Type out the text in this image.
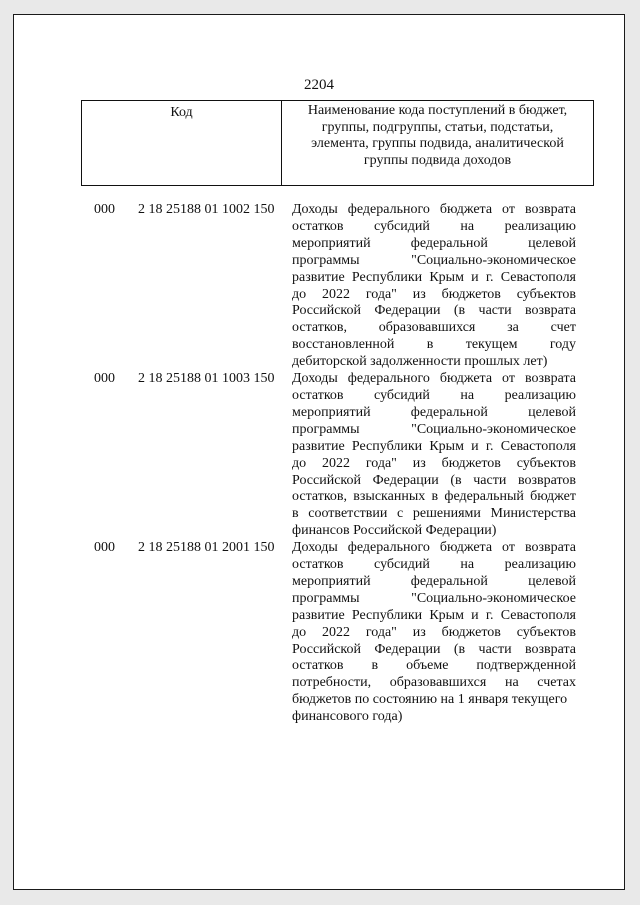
2204
Код	Наименование кода поступлений в бюджет,
группы, подгруппы, статьи, подстатьи,
элемента, группы подвида, аналитической
группы подвида доходов
000 2 18 25188 01 1002 150 Доходы федерального бюджета от возврата
остатков субсидий на реализацию
мероприятий федеральной целевой
программы "Социально-экономическое
развитие Республики Крым и г. Севастополя
до 2022 года" из бюджетов субъектов
Российской Федерации (в части возврата
остатков, образовавшихся за счет
восстановленной в текущем году
дебиторской задолженности прошлых лет)
000 2 18 25188 01 1003 150 Доходы федерального бюджета от возврата
остатков субсидий на реализацию
мероприятий федеральной целевой
программы "Социально-экономическое
развитие Республики Крым и г. Севастополя
до 2022 года" из бюджетов субъектов
Российской Федерации (в части возвратов
остатков, взысканных в федеральный бюджет
в соответствии с решениями Министерства
финансов Российской Федерации)
000 2 18 25188 01 2001 150 Доходы федерального бюджета от возврата
остатков субсидий на реализацию
мероприятий федеральной целевой
программы "Социально-экономическое
развитие Республики Крым и г. Севастополя
до 2022 года" из бюджетов субъектов
Российской Федерации (в части возврата
остатков в объеме подтвержденной
потребности, образовавшихся на счетах
бюджетов по состоянию на 1 января текущего
финансового года)
